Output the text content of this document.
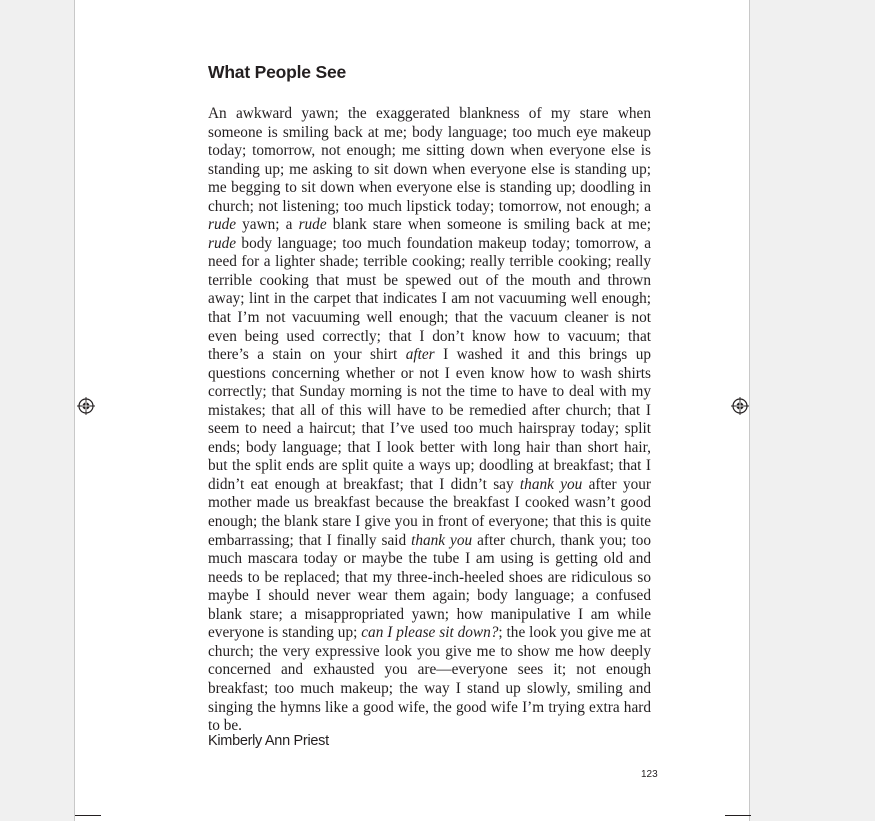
What People See

An awkward yawn; the exaggerated blankness of my stare when someone is smiling back at me; body language; too much eye makeup today; tomorrow, not enough; me sitting down when everyone else is standing up; me asking to sit down when everyone else is standing up; me begging to sit down when everyone else is standing up; doodling in church; not listening; too much lipstick today; tomorrow, not enough; a rude yawn; a rude blank stare when someone is smiling back at me; rude body language; too much foundation makeup today; tomorrow, a need for a lighter shade; terrible cooking; really terrible cooking; really terrible cooking that must be spewed out of the mouth and thrown away; lint in the carpet that indicates I am not vacuuming well enough; that I’m not vacuuming well enough; that the vacuum cleaner is not even being used correctly; that I don’t know how to vacuum; that there’s a stain on your shirt after I washed it and this brings up questions concerning whether or not I even know how to wash shirts correctly; that Sunday morning is not the time to have to deal with my mistakes; that all of this will have to be remedied after church; that I seem to need a haircut; that I’ve used too much hairspray today; split ends; body language; that I look better with long hair than short hair, but the split ends are split quite a ways up; doodling at breakfast; that I didn’t eat enough at breakfast; that I didn’t say thank you after your mother made us breakfast because the breakfast I cooked wasn’t good enough; the blank stare I give you in front of everyone; that this is quite embarrassing; that I finally said thank you after church, thank you; too much mascara today or maybe the tube I am using is getting old and needs to be replaced; that my three-inch-heeled shoes are ridiculous so maybe I should never wear them again; body language; a confused blank stare; a misappropriated yawn; how manipulative I am while everyone is standing up; can I please sit down?; the look you give me at church; the very expressive look you give me to show me how deeply concerned and exhausted you are—everyone sees it; not enough breakfast; too much makeup; the way I stand up slowly, smiling and singing the hymns like a good wife, the good wife I’m trying extra hard to be.

Kimberly Ann Priest

123
